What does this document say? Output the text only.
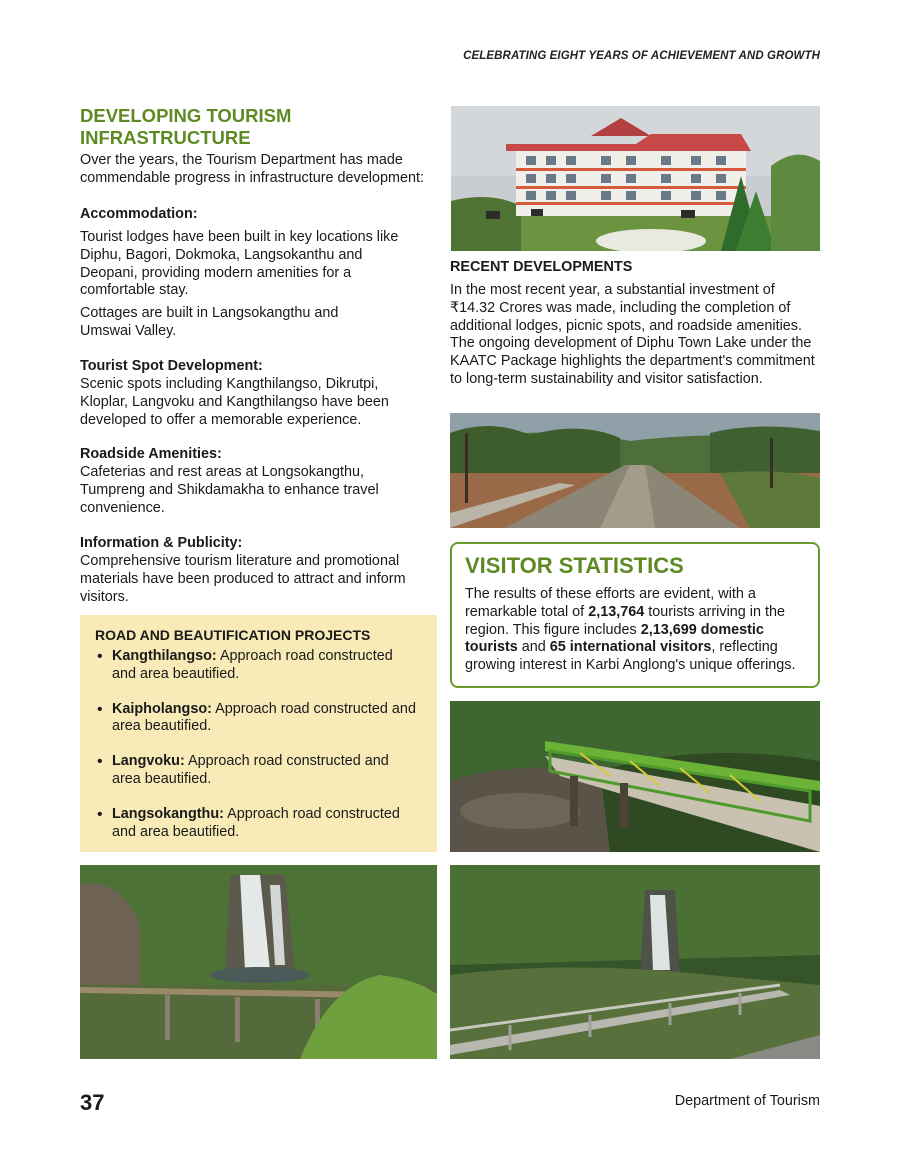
CELEBRATING EIGHT YEARS OF ACHIEVEMENT AND GROWTH
DEVELOPING TOURISM INFRASTRUCTURE

Over the years, the Tourism Department has made commendable progress in infrastructure development:

Accommodation:

Tourist lodges have been built in key locations like Diphu, Bagori, Dokmoka, Langsokanthu and Deopani, providing modern amenities for a comfortable stay.

Cottages are built in Langsokangthu and Umswai Valley.

Tourist Spot Development:

Scenic spots including Kangthilangso, Dikrutpi, Kloplar, Langvoku and Kangthilangso have been developed to offer a memorable experience.

Roadside Amenities:

Cafeterias and rest areas at Longsokangthu, Tumpreng and Shikdamakha to enhance travel convenience.

Information & Publicity:

Comprehensive tourism literature and promotional materials have been produced to attract and inform visitors.

ROAD AND BEAUTIFICATION PROJECTS
• Kangthilangso: Approach road constructed and area beautified.
• Kaipholangso: Approach road constructed and area beautified.
• Langvoku: Approach road constructed and area beautified.
• Langsokangthu: Approach road constructed and area beautified.

RECENT DEVELOPMENTS

In the most recent year, a substantial investment of ₹14.32 Crores was made, including the completion of additional lodges, picnic spots, and roadside amenities. The ongoing development of Diphu Town Lake under the KAATC Package highlights the department's commitment to long-term sustainability and visitor satisfaction.

VISITOR STATISTICS
The results of these efforts are evident, with a remarkable total of 2,13,764 tourists arriving in the region. This figure includes 2,13,699 domestic tourists and 65 international visitors, reflecting growing interest in Karbi Anglong's unique offerings.
37	Department of Tourism
